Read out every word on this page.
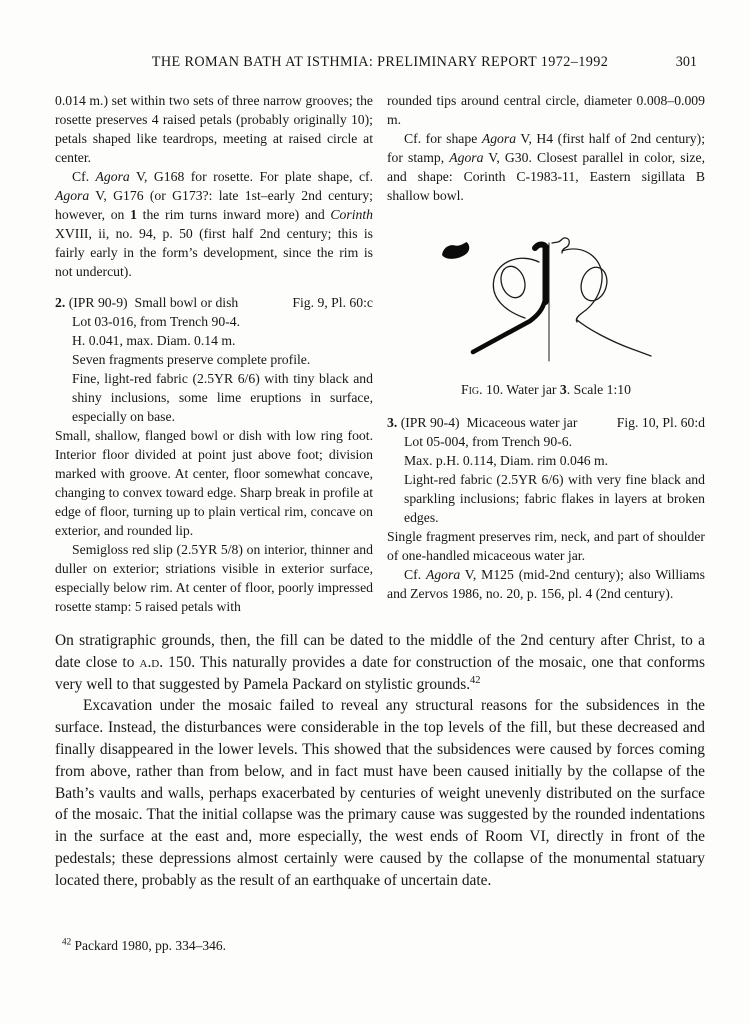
THE ROMAN BATH AT ISTHMIA: PRELIMINARY REPORT 1972–1992	301

0.014 m.) set within two sets of three narrow grooves; the rosette preserves 4 raised petals (probably originally 10); petals shaped like teardrops, meeting at raised circle at center.

Cf. Agora V, G168 for rosette. For plate shape, cf. Agora V, G176 (or G173?: late 1st–early 2nd century; however, on 1 the rim turns inward more) and Corinth XVIII, ii, no. 94, p. 50 (first half 2nd century; this is fairly early in the form’s development, since the rim is not undercut).

2. (IPR 90-9) Small bowl or dish	Fig. 9, Pl. 60:c

Lot 03-016, from Trench 90-4.

H. 0.041, max. Diam. 0.14 m.

Seven fragments preserve complete profile.

Fine, light-red fabric (2.5YR 6/6) with tiny black and shiny inclusions, some lime eruptions in surface, especially on base.

Small, shallow, flanged bowl or dish with low ring foot. Interior floor divided at point just above foot; division marked with groove. At center, floor somewhat concave, changing to convex toward edge. Sharp break in profile at edge of floor, turning up to plain vertical rim, concave on exterior, and rounded lip.

Semigloss red slip (2.5YR 5/8) on interior, thinner and duller on exterior; striations visible in exterior surface, especially below rim. At center of floor, poorly impressed rosette stamp: 5 raised petals with

rounded tips around central circle, diameter 0.008–0.009 m.

Cf. for shape Agora V, H4 (first half of 2nd century); for stamp, Agora V, G30. Closest parallel in color, size, and shape: Corinth C-1983-11, Eastern sigillata B shallow bowl.

Fig. 10. Water jar 3. Scale 1:10
3. (IPR 90-4) Micaceous water jar	Fig. 10, Pl. 60:d

Lot 05-004, from Trench 90-6.

Max. p.H. 0.114, Diam. rim 0.046 m.

Light-red fabric (2.5YR 6/6) with very fine black and sparkling inclusions; fabric flakes in layers at broken edges.

Single fragment preserves rim, neck, and part of shoulder of one-handled micaceous water jar.

Cf. Agora V, M125 (mid-2nd century); also Williams and Zervos 1986, no. 20, p. 156, pl. 4 (2nd century).

On stratigraphic grounds, then, the fill can be dated to the middle of the 2nd century after Christ, to a date close to a.d. 150. This naturally provides a date for construction of the mosaic, one that conforms very well to that suggested by Pamela Packard on stylistic grounds.$^{42}$

Excavation under the mosaic failed to reveal any structural reasons for the subsidences in the surface. Instead, the disturbances were considerable in the top levels of the fill, but these decreased and finally disappeared in the lower levels. This showed that the subsidences were caused by forces coming from above, rather than from below, and in fact must have been caused initially by the collapse of the Bath’s vaults and walls, perhaps exacerbated by centuries of weight unevenly distributed on the surface of the mosaic. That the initial collapse was the primary cause was suggested by the rounded indentations in the surface at the east and, more especially, the west ends of Room VI, directly in front of the pedestals; these depressions almost certainly were caused by the collapse of the monumental statuary located there, probably as the result of an earthquake of uncertain date.

$^{42}$ Packard 1980, pp. 334–346.
